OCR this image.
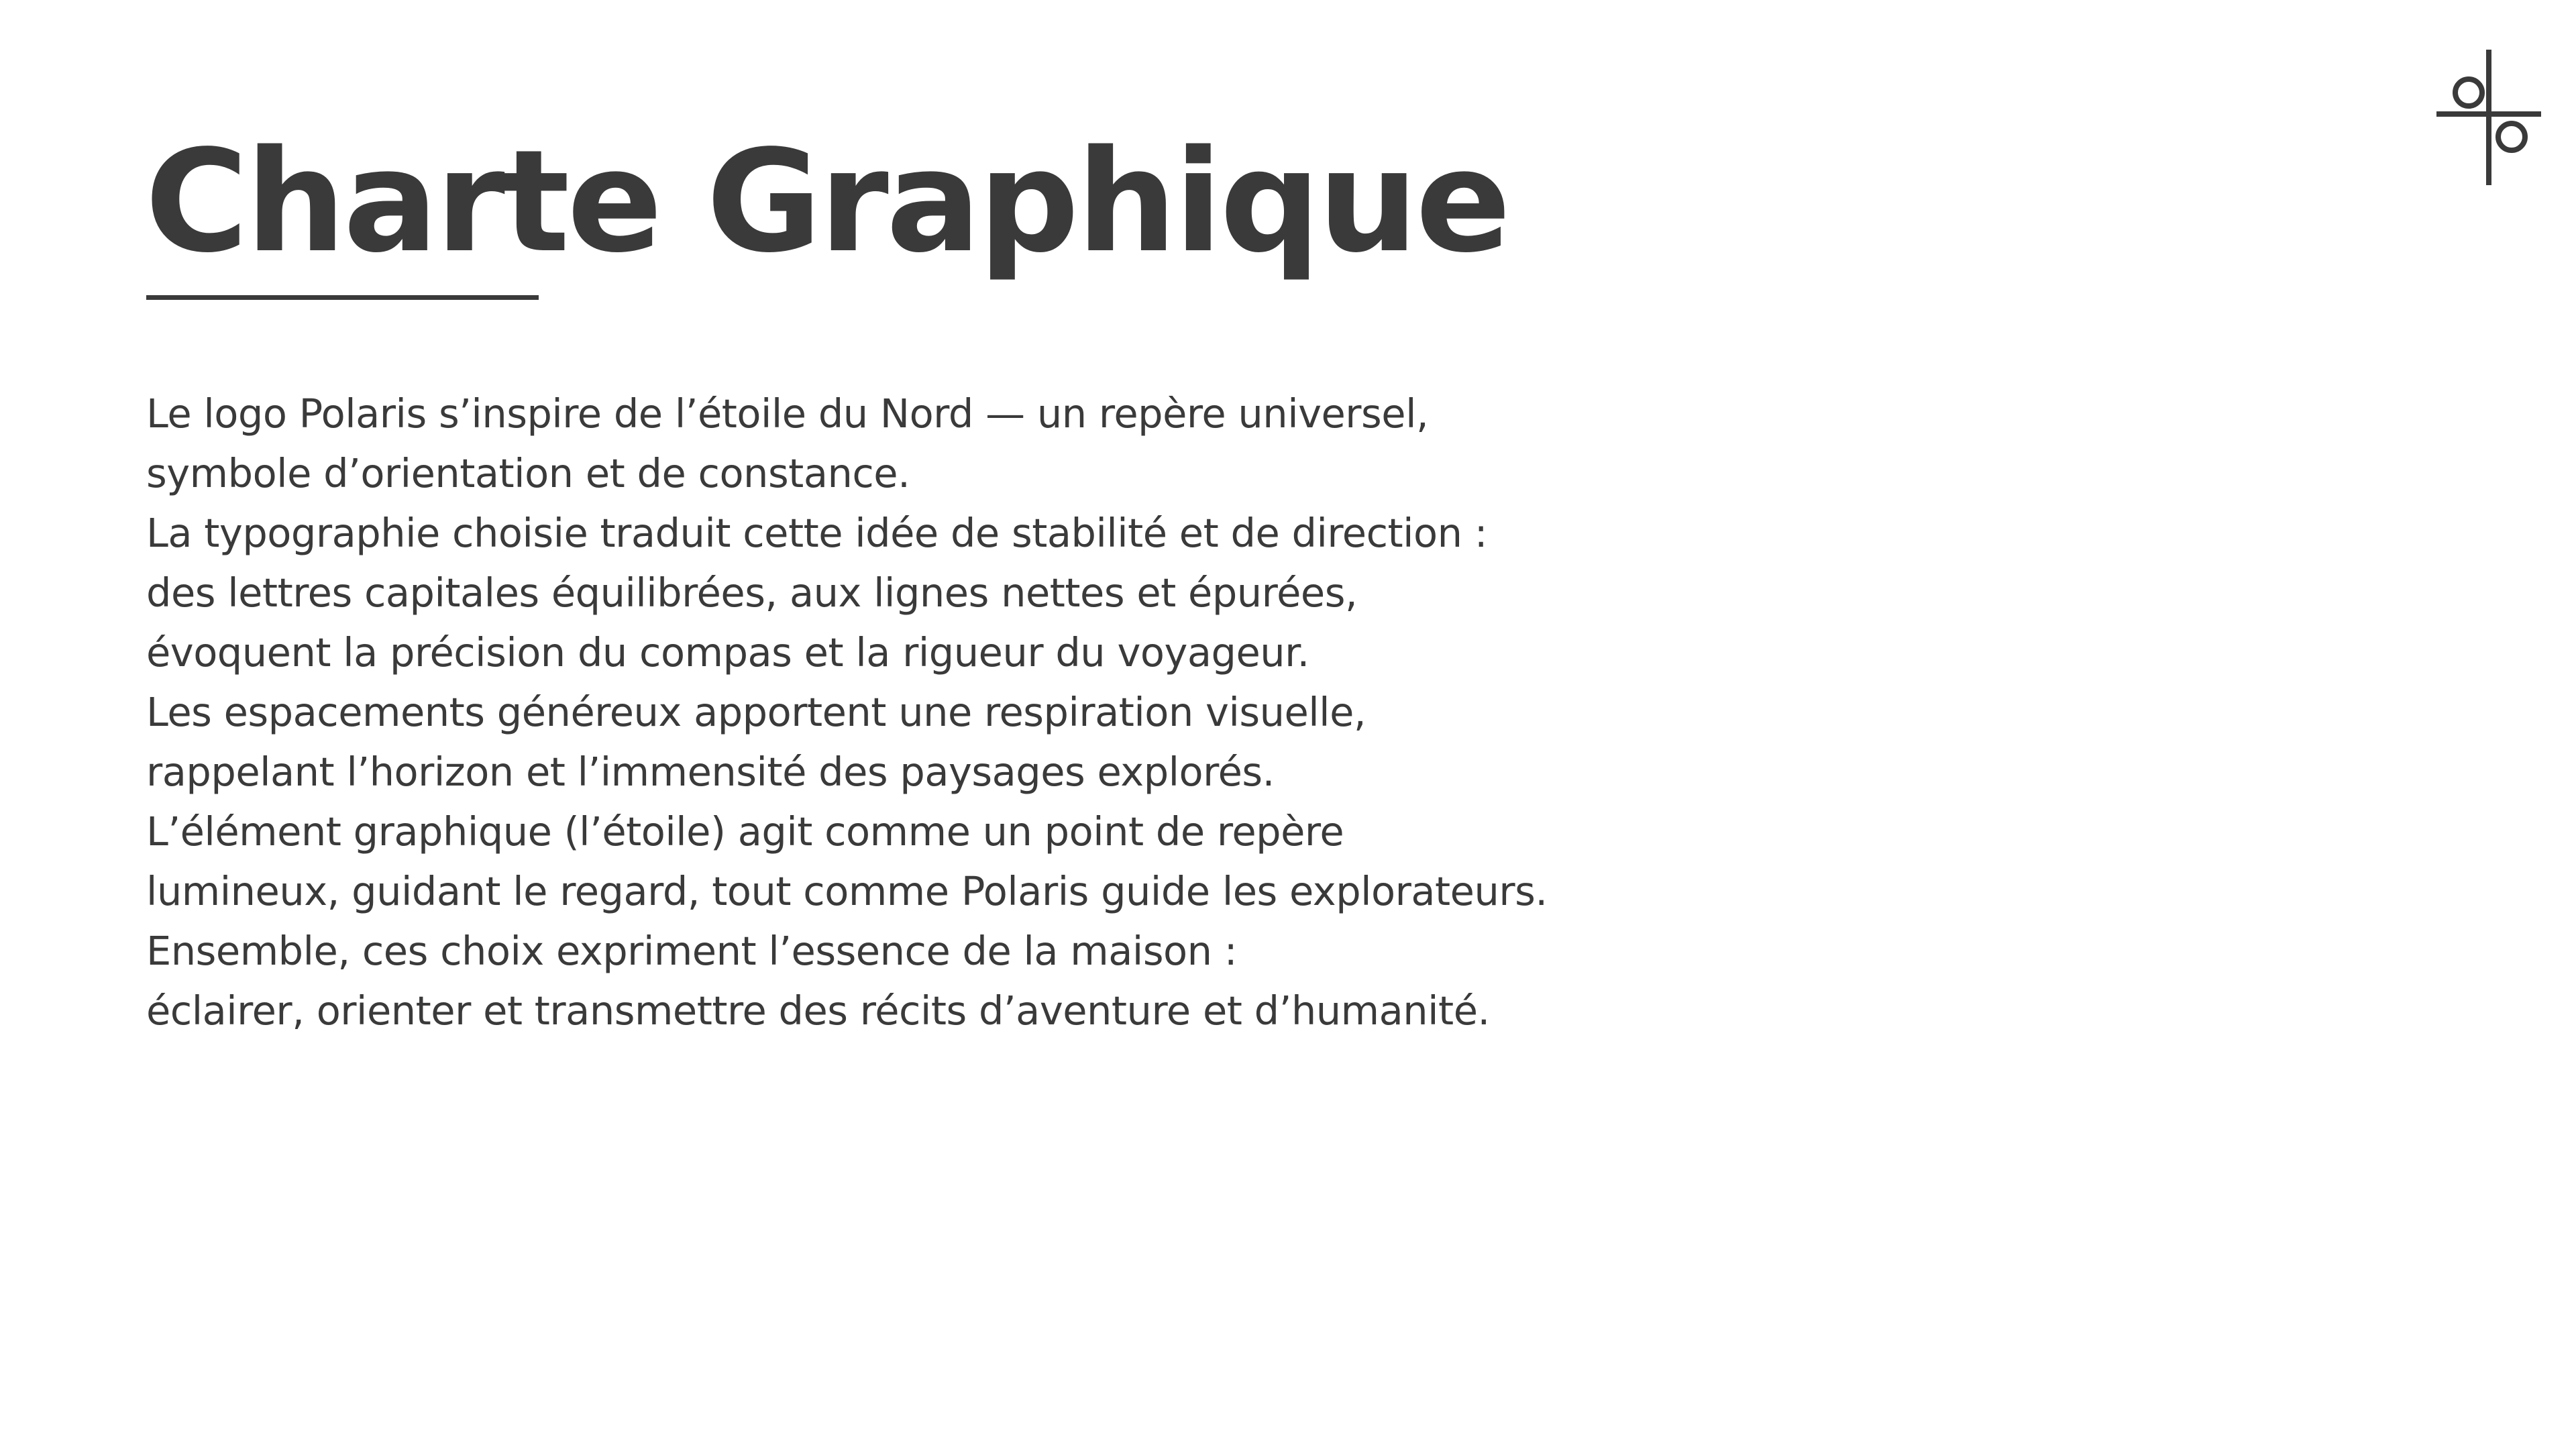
Charte Graphique

Le logo Polaris s’inspire de l’étoile du Nord — un repère universel,
symbole d’orientation et de constance.
La typographie choisie traduit cette idée de stabilité et de direction :
des lettres capitales équilibrées, aux lignes nettes et épurées,
évoquent la précision du compas et la rigueur du voyageur.
Les espacements généreux apportent une respiration visuelle,
rappelant l’horizon et l’immensité des paysages explorés.
L’élément graphique (l’étoile) agit comme un point de repère
lumineux, guidant le regard, tout comme Polaris guide les explorateurs.
Ensemble, ces choix expriment l’essence de la maison :
éclairer, orienter et transmettre des récits d’aventure et d’humanité.
